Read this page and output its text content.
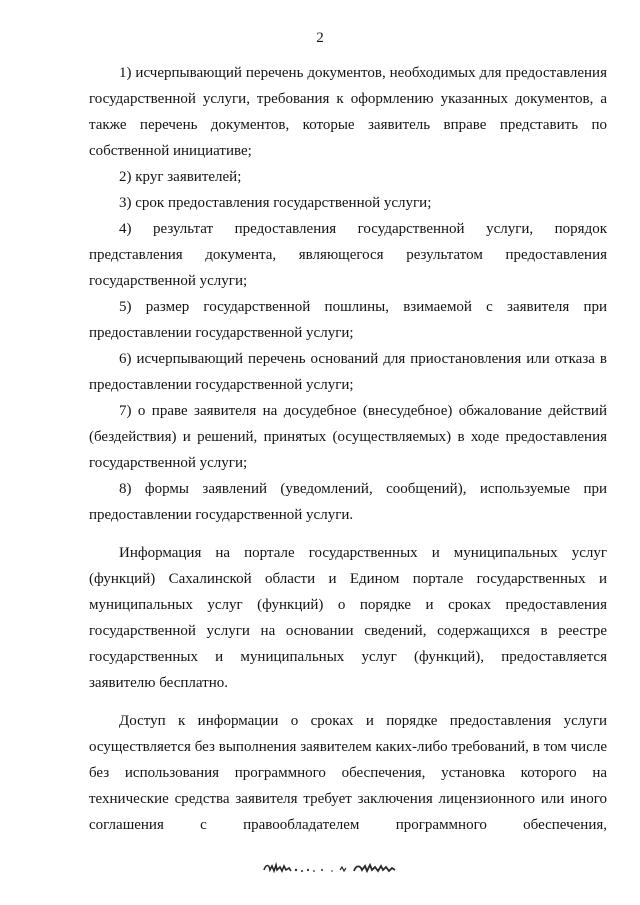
2

1) исчерпывающий перечень документов, необходимых для предоставления государственной услуги, требования к оформлению указанных документов, а также перечень документов, которые заявитель вправе представить по собственной инициативе;

2) круг заявителей;

3) срок предоставления государственной услуги;

4) результат предоставления государственной услуги, порядок представления документа, являющегося результатом предоставления государственной услуги;

5) размер государственной пошлины, взимаемой с заявителя при предоставлении государственной услуги;

6) исчерпывающий перечень оснований для приостановления или отказа в предоставлении государственной услуги;

7) о праве заявителя на досудебное (внесудебное) обжалование действий (бездействия) и решений, принятых (осуществляемых) в ходе предоставления государственной услуги;

8) формы заявлений (уведомлений, сообщений), используемые при предоставлении государственной услуги.

Информация на портале государственных и муниципальных услуг (функций) Сахалинской области и Едином портале государственных и муниципальных услуг (функций) о порядке и сроках предоставления государственной услуги на основании сведений, содержащихся в реестре государственных и муниципальных услуг (функций), предоставляется заявителю бесплатно.

Доступ к информации о сроках и порядке предоставления услуги осуществляется без выполнения заявителем каких-либо требований, в том числе без использования программного обеспечения, установка которого на технические средства заявителя требует заключения лицензионного или иного соглашения с правообладателем программного обеспечения,
